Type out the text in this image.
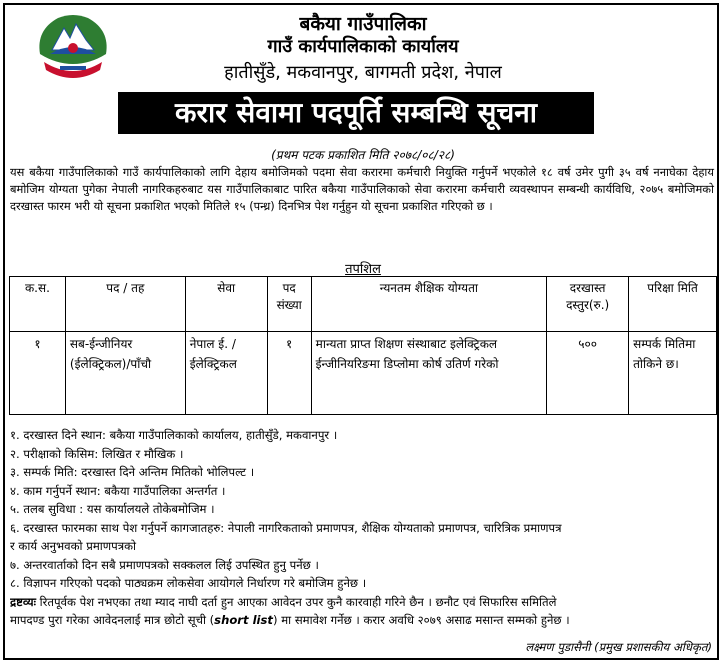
बकैया गाउँपालिका
गाउँ कार्यपालिकाको कार्यालय
हातीसुँडे, मकवानपुर, बागमती प्रदेश, नेपाल
करार सेवामा पदपूर्ति सम्बन्धि सूचना
(प्रथम पटक प्रकाशित मिति २०७८/०८/२८)
यस बकैया गाउँपालिकाको गाउँ कार्यपालिकाको लागि देहाय बमोजिमको पदमा सेवा करारमा कर्मचारी नियुक्ति गर्नुपर्ने भएकोले १८ वर्ष उमेर पुगी ३५ वर्ष ननाघेका देहाय बमोजिम योग्यता पुगेका नेपाली नागरिकहरुबाट यस गाउँपालिकाबाट पारित बकैया गाउँपालिकाको सेवा करारमा कर्मचारी व्यवस्थापन सम्बन्धी कार्यविधि, २०७५ बमोजिमको दरखास्त फारम भरी यो सूचना प्रकाशित भएको मितिले १५ (पन्ध्र) दिनभित्र पेश गर्नुहुन यो सूचना प्रकाशित गरिएको छ ।
तपशिल
क.स.	पद / तह	सेवा	पद संख्या	न्यनतम शैक्षिक योग्यता	दरखास्त दस्तुर(रु.)	परिक्षा मिति
१	सब-ईन्जीनियर (ईलेक्ट्रिकल)/पाँचौ	नेपाल ई. / ईलेक्ट्रिकल	१	मान्यता प्राप्त शिक्षण संस्थाबाट इलेक्ट्रिकल ईन्जीनियरिङमा डिप्लोमा कोर्ष उतिर्ण गरेको	५००	सम्पर्क मितिमा तोकिने छ।
१. दरखास्त दिने स्थान: बकैया गाउँपालिकाको कार्यालय, हातीसुँडे, मकवानपुर ।
२. परीक्षाको किसिम: लिखित र मौखिक ।
३. सम्पर्क मिति: दरखास्त दिने अन्तिम मितिको भोलिपल्ट ।
४. काम गर्नुपर्ने स्थान: बकैया गाउँपालिका अन्तर्गत ।
५. तलब सुविधा : यस कार्यालयले तोकेबमोजिम ।
६. दरखास्त फारमका साथ पेश गर्नुपर्ने कागजातहरु: नेपाली नागरिकताको प्रमाणपत्र, शैक्षिक योग्यताको प्रमाणपत्र, चारित्रिक प्रमाणपत्र
र कार्य अनुभवको प्रमाणपत्रको
७. अन्तरवार्ताको दिन सबै प्रमाणपत्रको सक्कलल लिई उपस्थित हुनु पर्नेछ ।
८. विज्ञापन गरिएको पदको पाठ्यक्रम लोकसेवा आयोगले निर्धारण गरे बमोजिम हुनेछ ।
द्रष्टव्यः रितपूर्वक पेश नभएका तथा म्याद नाघी दर्ता हुन आएका आवेदन उपर कुनै कारवाही गरिने छैन । छनौट एवं सिफारिस समितिले
मापदण्ड पुरा गरेका आवेदनलाई मात्र छोटो सूची (short list) मा समावेश गर्नेछ । करार अवधि २०७९ असाढ मसान्त सम्मको हुनेछ ।
लक्ष्मण पुडासैनी (प्रमुख प्रशासकीय अधिकृत)
